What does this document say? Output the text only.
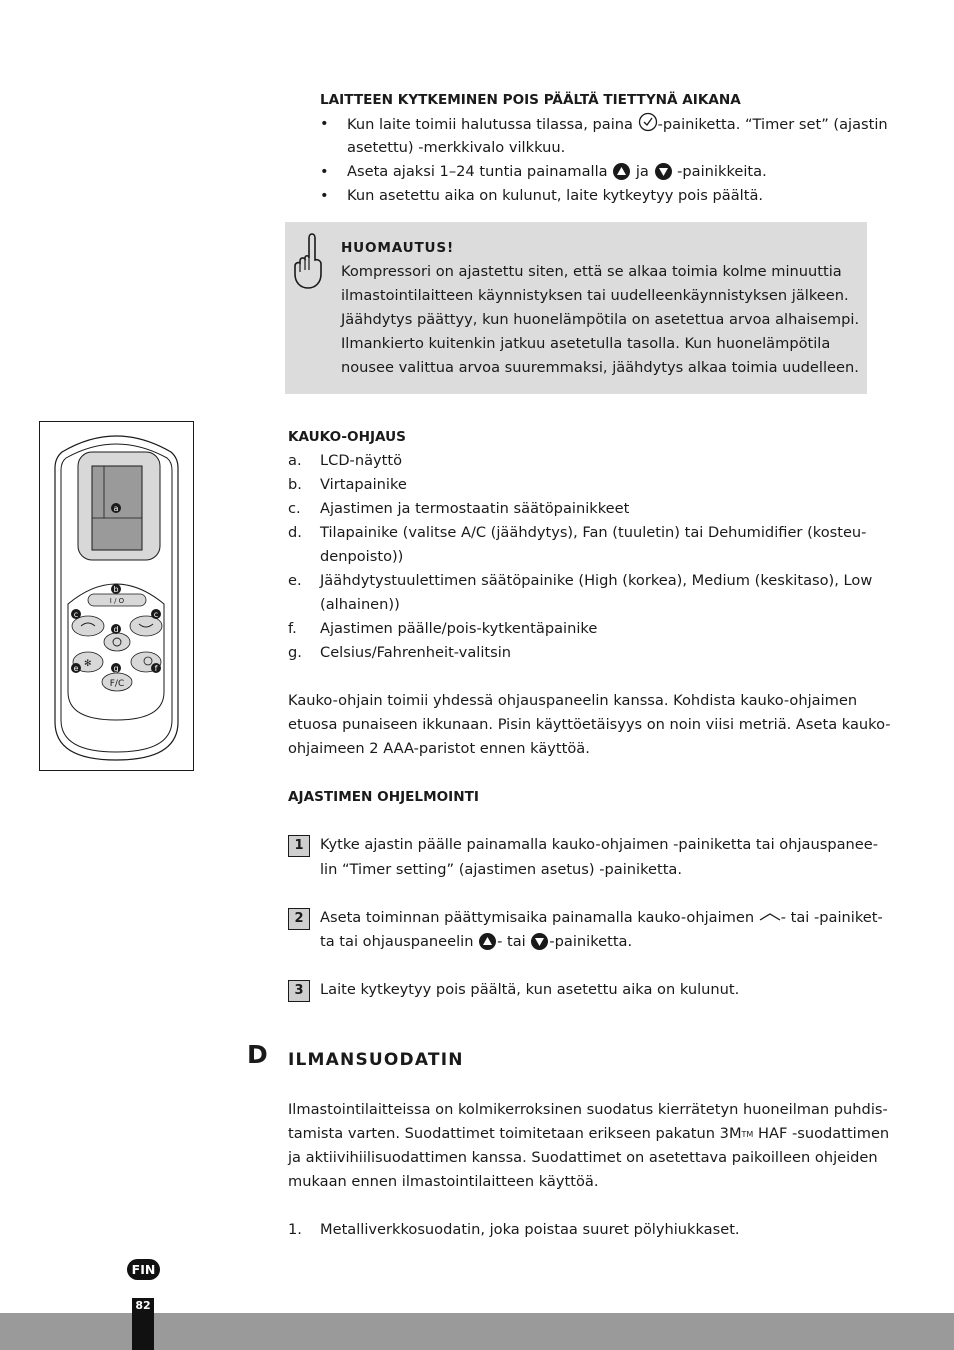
LAITTEEN KYTKEMINEN POIS PÄÄLTÄ TIETTYNÄ AIKANA
• Kun laite toimii halutussa tilassa, paina -painiketta. “Timer set” (ajastin
asetettu) -merkkivalo vilkkuu.
• Aseta ajaksi 1–24 tuntia painamalla ja -painikkeita.
• Kun asetettu aika on kulunut, laite kytkeytyy pois päältä.
HUOMAUTUS!
Kompressori on ajastettu siten, että se alkaa toimia kolme minuuttia
ilmastointilaitteen käynnistyksen tai uudelleenkäynnistyksen jälkeen.
Jäähdytys päättyy, kun huonelämpötila on asetettua arvoa alhaisempi.
Ilmankierto kuitenkin jatkuu asetetulla tasolla. Kun huonelämpötila
nousee valittua arvoa suuremmaksi, jäähdytys alkaa toimia uudelleen.
✻
a
b
c	c
d
e	f
g
I / O
F/C
KAUKO-OHJAUS
a. LCD-näyttö
b. Virtapainike
c. Ajastimen ja termostaatin säätöpainikkeet
d. Tilapainike (valitse A/C (jäähdytys), Fan (tuuletin) tai Dehumidifier (kosteu-
denpoisto))
e. Jäähdytystuulettimen säätöpainike (High (korkea), Medium (keskitaso), Low
(alhainen))
f. Ajastimen päälle/pois-kytkentäpainike
g. Celsius/Fahrenheit-valitsin
Kauko-ohjain toimii yhdessä ohjauspaneelin kanssa. Kohdista kauko-ohjaimen
etuosa punaiseen ikkunaan. Pisin käyttöetäisyys on noin viisi metriä. Aseta kauko-
ohjaimeen 2 AAA-paristot ennen käyttöä.
AJASTIMEN OHJELMOINTI
1	Kytke ajastin päälle painamalla kauko-ohjaimen -painiketta tai ohjauspanee-
lin “Timer setting” (ajastimen asetus) -painiketta.
2	Aseta toiminnan päättymisaika painamalla kauko-ohjaimen - tai -painiket-
ta tai ohjauspaneelin - tai -painiketta.
3	Laite kytkeytyy pois päältä, kun asetettu aika on kulunut.
D ILMANSUODATIN
Ilmastointilaitteissa on kolmikerroksinen suodatus kierrätetyn huoneilman puhdis-
tamista varten. Suodattimet toimitetaan erikseen pakatun 3MTM HAF -suodattimen
ja aktiivihiilisuodattimen kanssa. Suodattimet on asetettava paikoilleen ohjeiden
mukaan ennen ilmastointilaitteen käyttöä.
1. Metalliverkkosuodatin, joka poistaa suuret pölyhiukkaset.
FIN
82
